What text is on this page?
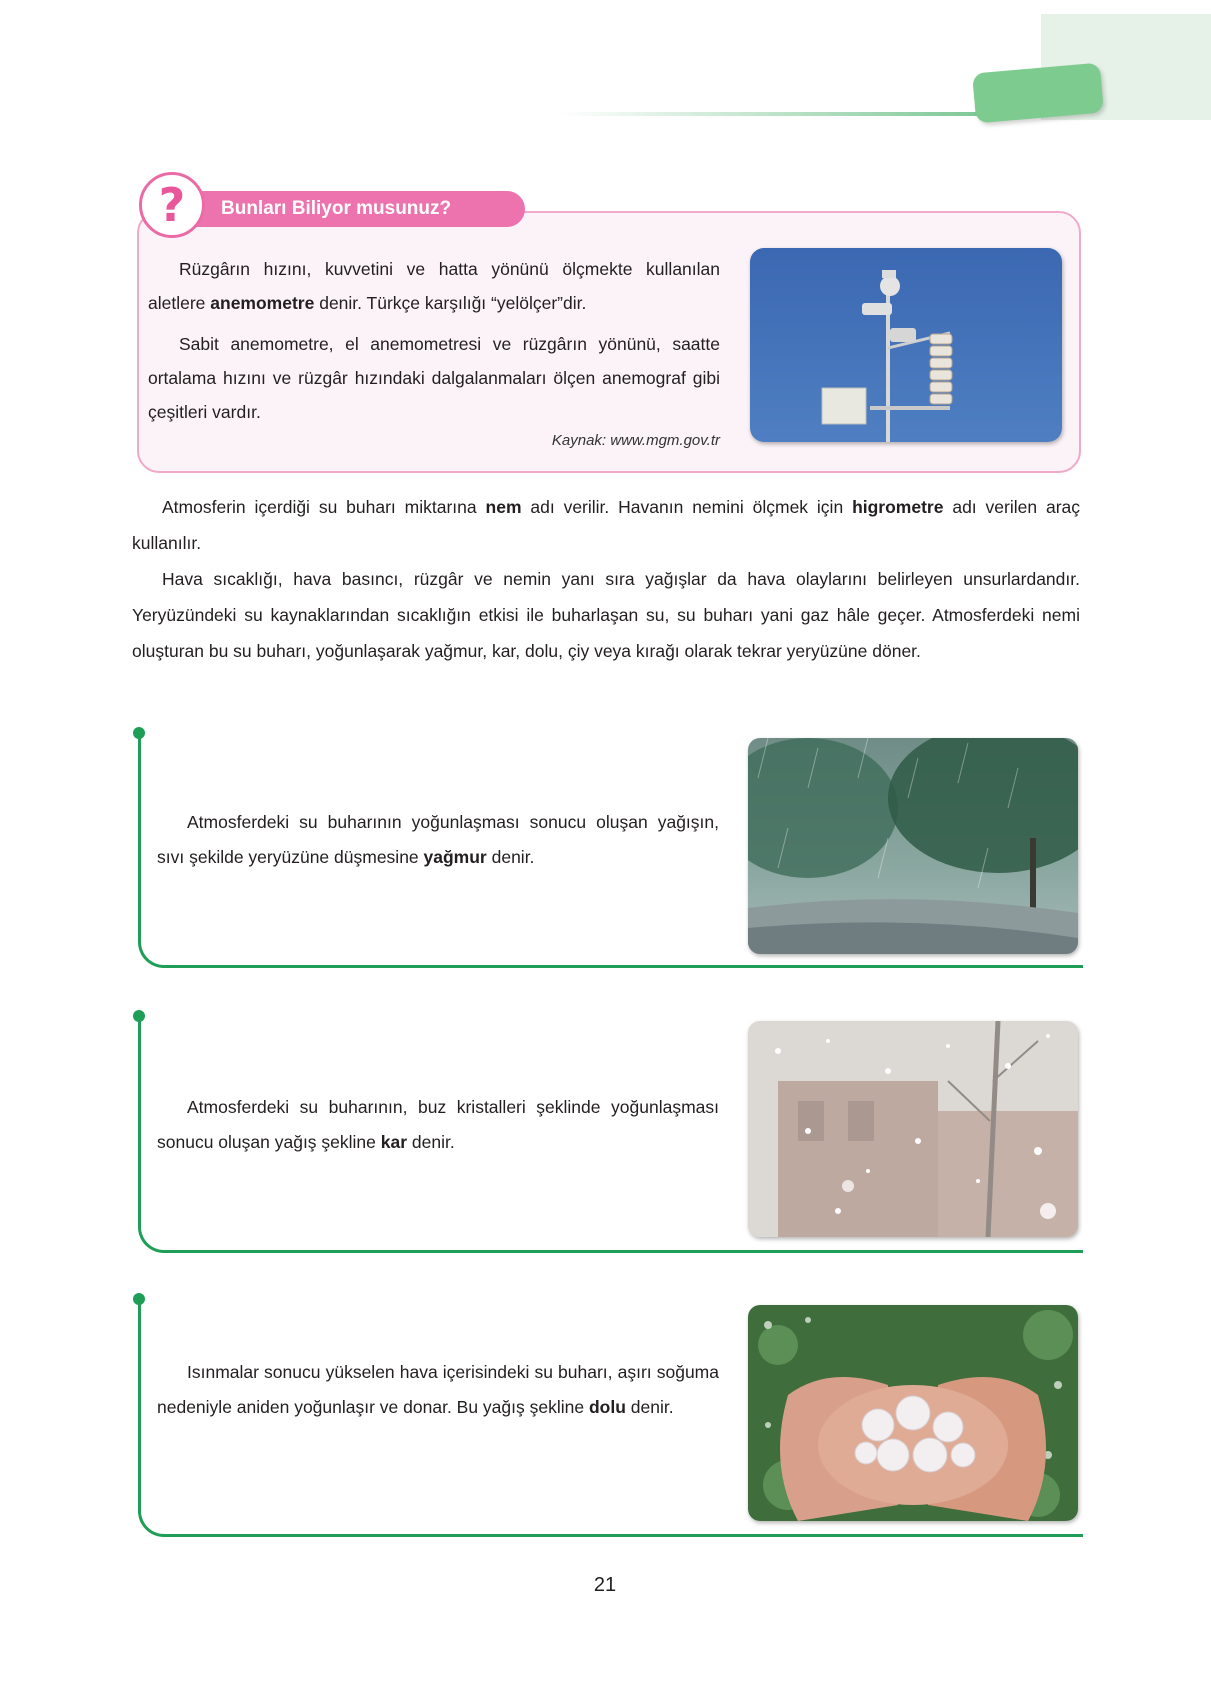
?	Bunları Biliyor musunuz?

Rüzgârın hızını, kuvvetini ve hatta yönünü ölçmekte kullanılan aletlere anemometre denir. Türkçe karşılığı “yelölçer”dir.

Sabit anemometre, el anemometresi ve rüzgârın yönünü, saatte ortalama hızını ve rüzgâr hızındaki dalgalanmaları ölçen anemograf gibi çeşitleri vardır.

Kaynak: www.mgm.gov.tr

Atmosferin içerdiği su buharı miktarına nem adı verilir. Havanın nemini ölçmek için higrometre adı verilen araç kullanılır.

Hava sıcaklığı, hava basıncı, rüzgâr ve nemin yanı sıra yağışlar da hava olaylarını belirleyen unsurlardandır. Yeryüzündeki su kaynaklarından sıcaklığın etkisi ile buharlaşan su, su buharı yani gaz hâle geçer. Atmosferdeki nemi oluşturan bu su buharı, yoğunlaşarak yağmur, kar, dolu, çiy veya kırağı olarak tekrar yeryüzüne döner.

Atmosferdeki su buharının yoğunlaşması sonucu oluşan yağışın, sıvı şekilde yeryüzüne düşmesine yağmur denir.

Atmosferdeki su buharının, buz kristalleri şeklinde yoğunlaşması sonucu oluşan yağış şekline kar denir.

Isınmalar sonucu yükselen hava içerisindeki su buharı, aşırı soğuma nedeniyle aniden yoğunlaşır ve donar. Bu yağış şekline dolu denir.

21
